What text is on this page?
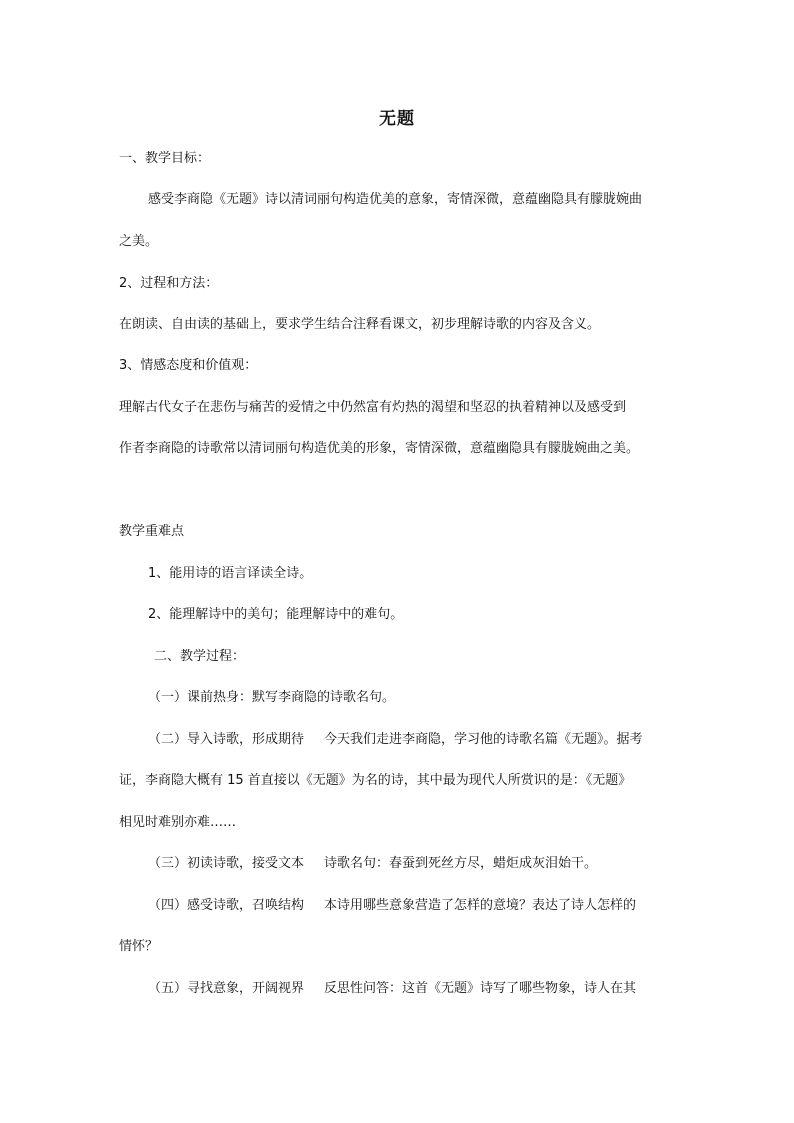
无题
一、教学目标：
感受李商隐《无题》诗以清词丽句构造优美的意象，寄情深微，意蕴幽隐具有朦胧婉曲
之美。
2、过程和方法：
在朗读、自由读的基础上，要求学生结合注释看课文，初步理解诗歌的内容及含义。
3、情感态度和价值观：
理解古代女子在悲伤与痛苦的爱情之中仍然富有灼热的渴望和坚忍的执着精神以及感受到
作者李商隐的诗歌常以清词丽句构造优美的形象，寄情深微，意蕴幽隐具有朦胧婉曲之美。
教学重难点
1、能用诗的语言译读全诗。
2、能理解诗中的美句；能理解诗中的难句。
二、教学过程：
（一）课前热身：默写李商隐的诗歌名句。
（二）导入诗歌，形成期待 今天我们走进李商隐，学习他的诗歌名篇《无题》。据考
证，李商隐大概有 15 首直接以《无题》为名的诗，其中最为现代人所赏识的是：《无题》
相见时难别亦难……
（三）初读诗歌，接受文本 诗歌名句：春蚕到死丝方尽，蜡炬成灰泪始干。
（四）感受诗歌，召唤结构 本诗用哪些意象营造了怎样的意境？表达了诗人怎样的
情怀？
（五）寻找意象，开阔视界 反思性问答：这首《无题》诗写了哪些物象，诗人在其
